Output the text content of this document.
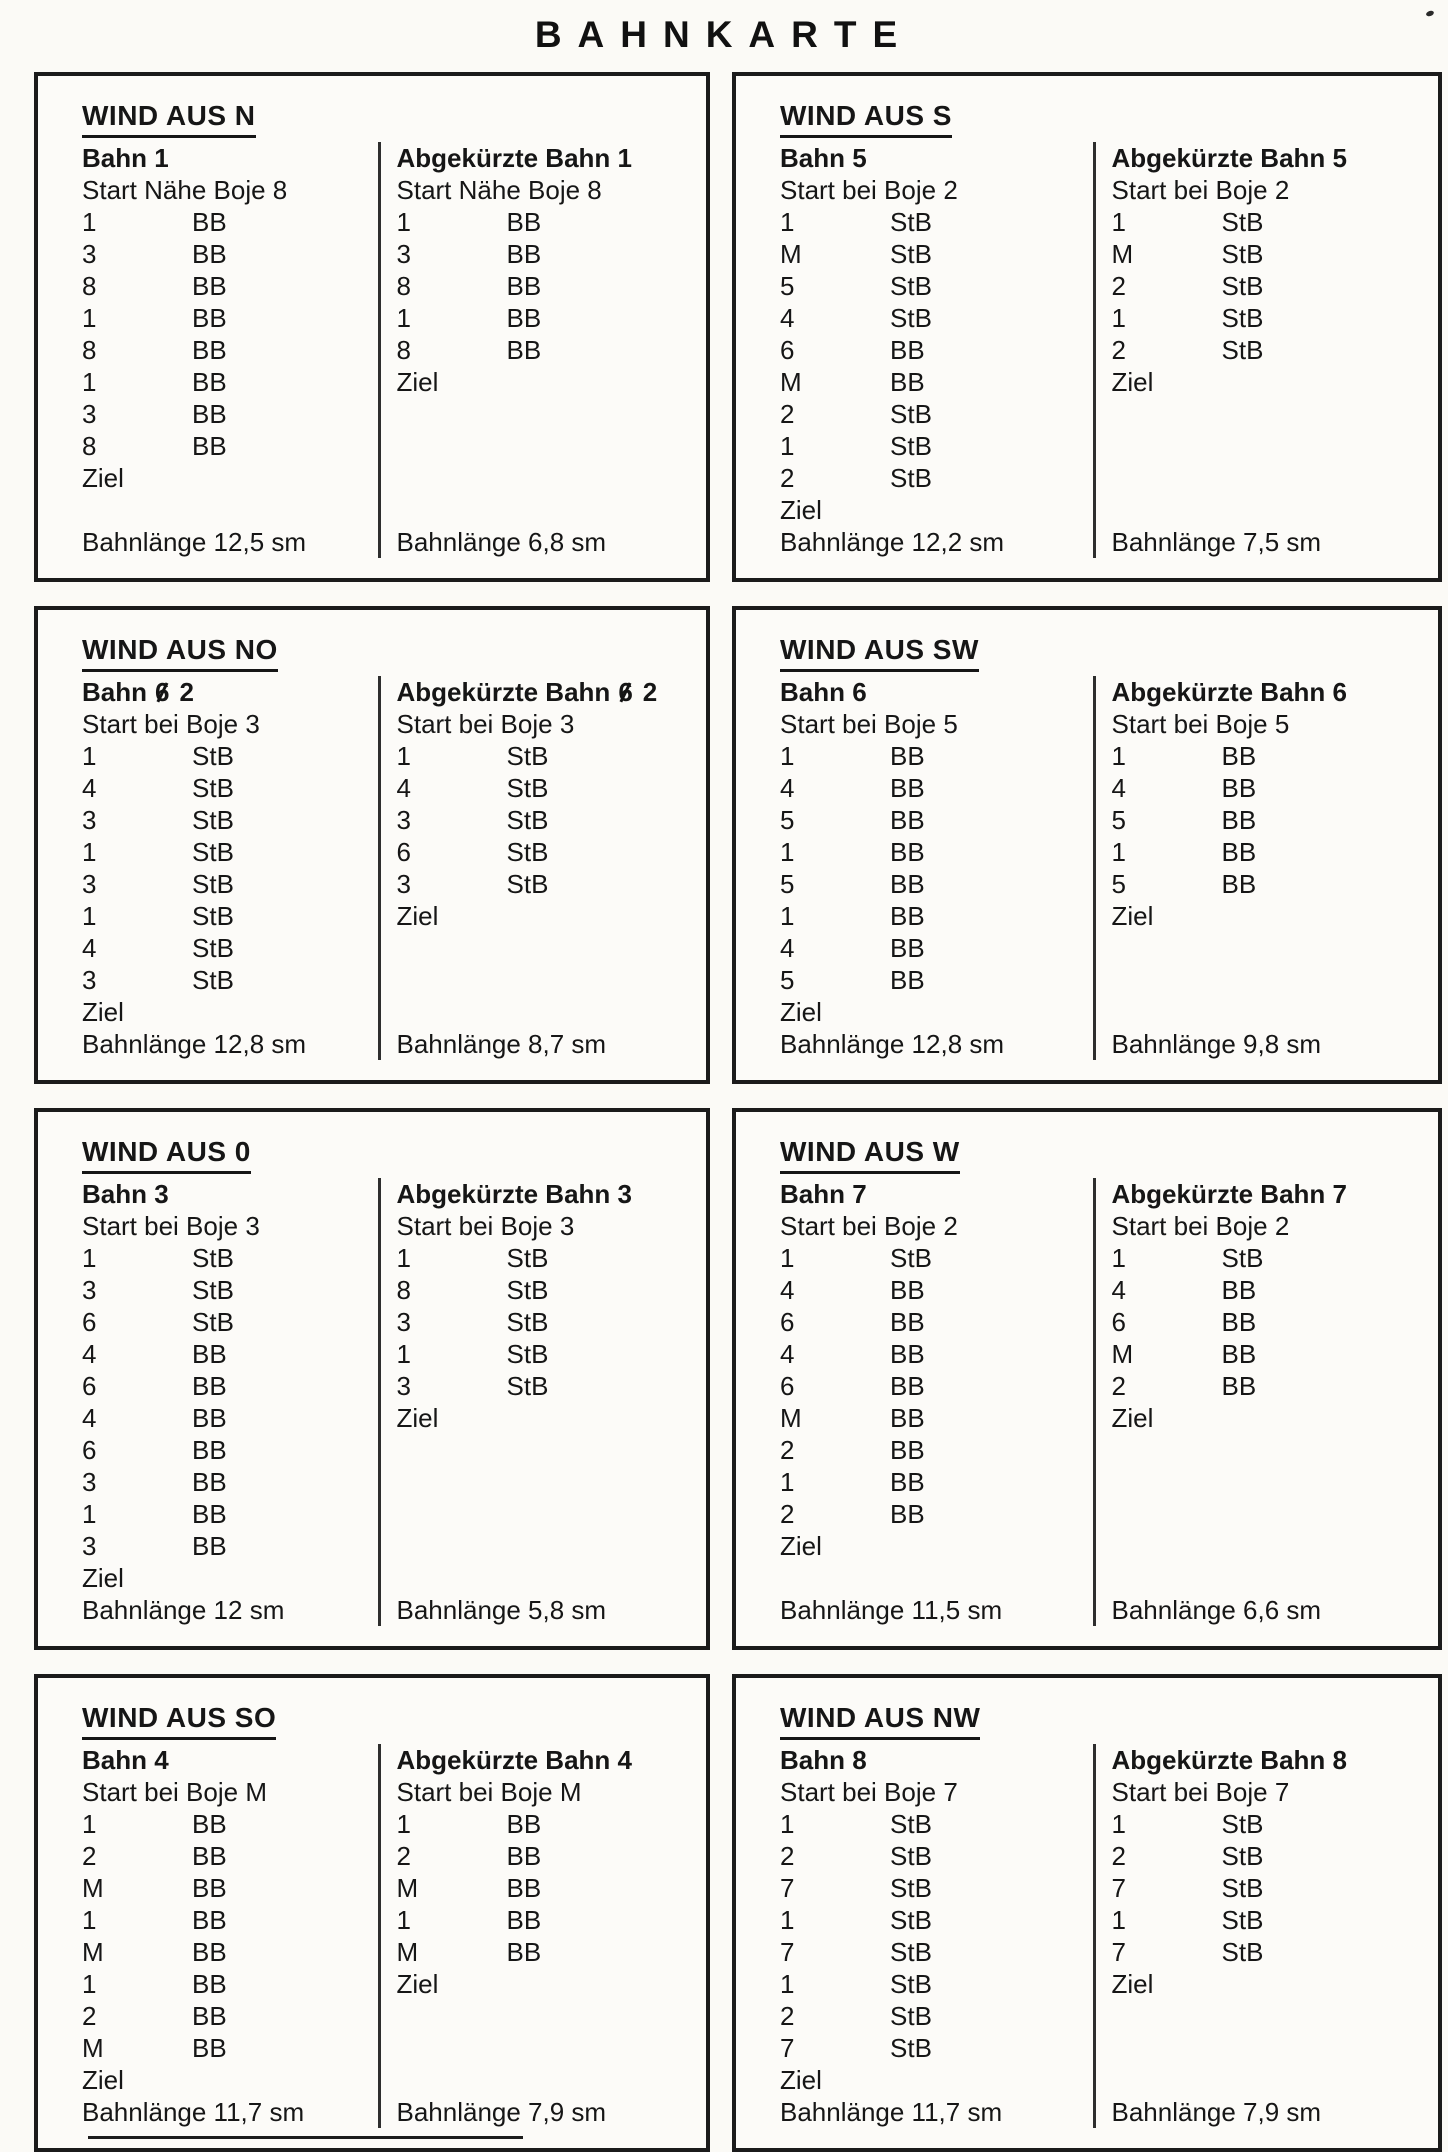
BAHNKARTE
WIND AUS N
Bahn 1
Start Nähe Boje 8
1	BB
3	BB
8	BB
1	BB
8	BB
1	BB
3	BB
8	BB
Ziel
Bahnlänge 12,5 sm
Abgekürzte Bahn 1
Start Nähe Boje 8
1	BB
3	BB
8	BB
1	BB
8	BB
Ziel
Bahnlänge 6,8 sm
WIND AUS S
Bahn 5
Start bei Boje 2
1	StB
M	StB
5	StB
4	StB
6	BB
M	BB
2	StB
1	StB
2	StB
Ziel
Bahnlänge 12,2 sm
Abgekürzte Bahn 5
Start bei Boje 2
1	StB
M	StB
2	StB
1	StB
2	StB
Ziel
Bahnlänge 7,5 sm
WIND AUS NO
Bahn 6 2
Start bei Boje 3
1	StB
4	StB
3	StB
1	StB
3	StB
1	StB
4	StB
3	StB
Ziel
Bahnlänge 12,8 sm
Abgekürzte Bahn 6 2
Start bei Boje 3
1	StB
4	StB
3	StB
6	StB
3	StB
Ziel
Bahnlänge 8,7 sm
WIND AUS SW
Bahn 6
Start bei Boje 5
1	BB
4	BB
5	BB
1	BB
5	BB
1	BB
4	BB
5	BB
Ziel
Bahnlänge 12,8 sm
Abgekürzte Bahn 6
Start bei Boje 5
1	BB
4	BB
5	BB
1	BB
5	BB
Ziel
Bahnlänge 9,8 sm
WIND AUS 0
Bahn 3
Start bei Boje 3
1	StB
3	StB
6	StB
4	BB
6	BB
4	BB
6	BB
3	BB
1	BB
3	BB
Ziel
Bahnlänge 12 sm
Abgekürzte Bahn 3
Start bei Boje 3
1	StB
8	StB
3	StB
1	StB
3	StB
Ziel
Bahnlänge 5,8 sm
WIND AUS W
Bahn 7
Start bei Boje 2
1	StB
4	BB
6	BB
4	BB
6	BB
M	BB
2	BB
1	BB
2	BB
Ziel
Bahnlänge 11,5 sm
Abgekürzte Bahn 7
Start bei Boje 2
1	StB
4	BB
6	BB
M	BB
2	BB
Ziel
Bahnlänge 6,6 sm
WIND AUS SO
Bahn 4
Start bei Boje M
1	BB
2	BB
M	BB
1	BB
M	BB
1	BB
2	BB
M	BB
Ziel
Bahnlänge 11,7 sm
Abgekürzte Bahn 4
Start bei Boje M
1	BB
2	BB
M	BB
1	BB
M	BB
Ziel
Bahnlänge 7,9 sm
WIND AUS NW
Bahn 8
Start bei Boje 7
1	StB
2	StB
7	StB
1	StB
7	StB
1	StB
2	StB
7	StB
Ziel
Bahnlänge 11,7 sm
Abgekürzte Bahn 8
Start bei Boje 7
1	StB
2	StB
7	StB
1	StB
7	StB
Ziel
Bahnlänge 7,9 sm
